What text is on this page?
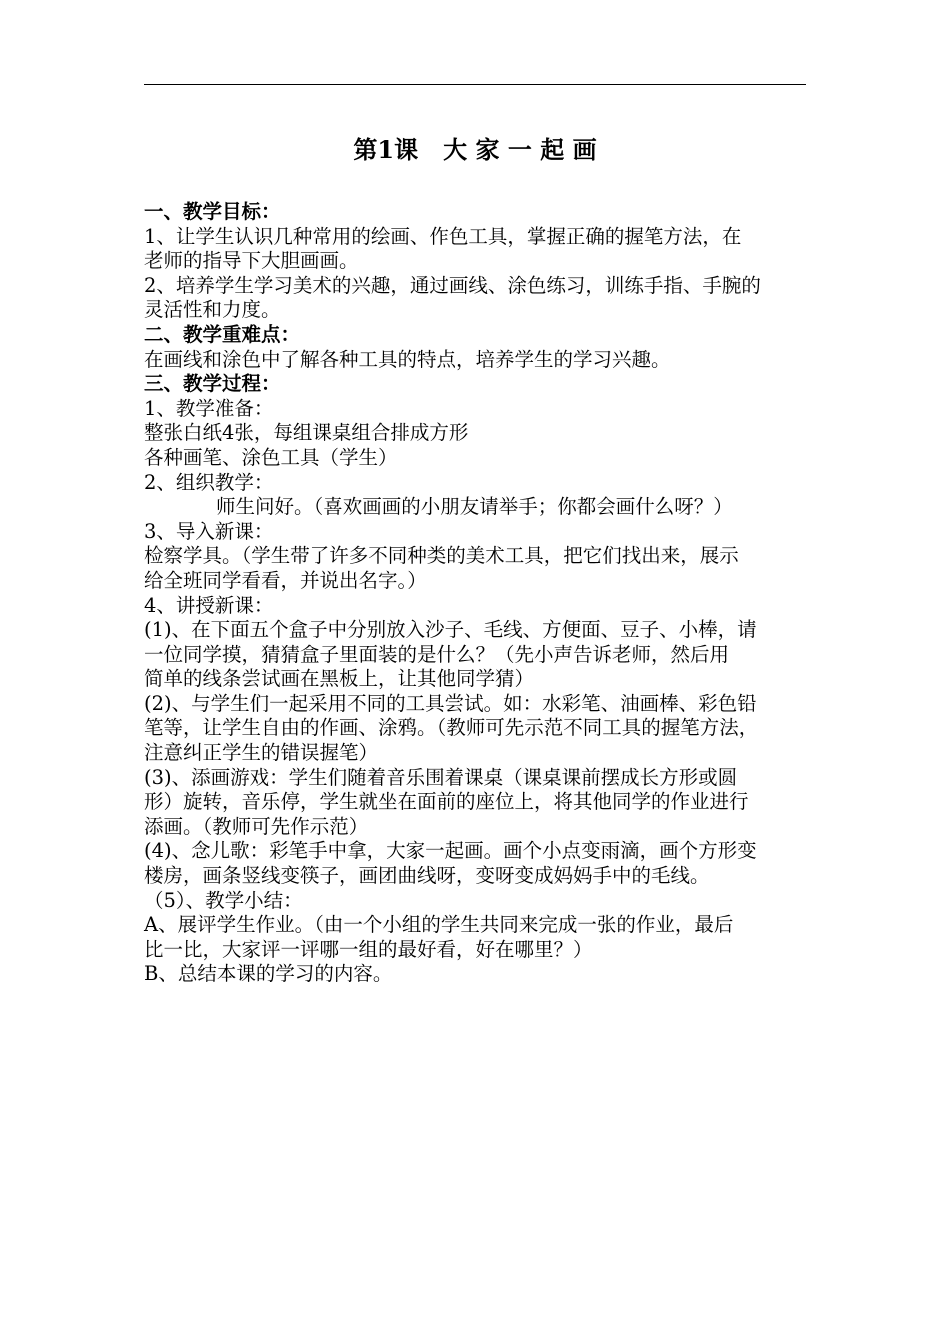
第1课   大 家 一 起 画
一、教学目标：
1、让学生认识几种常用的绘画、作色工具，掌握正确的握笔方法，在
老师的指导下大胆画画。
2、培养学生学习美术的兴趣，通过画线、涂色练习，训练手指、手腕的
灵活性和力度。
二、教学重难点：
在画线和涂色中了解各种工具的特点，培养学生的学习兴趣。
三、教学过程：
1、教学准备：
整张白纸4张，每组课桌组合排成方形
各种画笔、涂色工具（学生）
2、组织教学：
师生问好。（喜欢画画的小朋友请举手；你都会画什么呀？）
3、导入新课：
检察学具。（学生带了许多不同种类的美术工具，把它们找出来，展示
给全班同学看看，并说出名字。）
4、讲授新课：
(1)、在下面五个盒子中分别放入沙子、毛线、方便面、豆子、小棒，请
一位同学摸，猜猜盒子里面装的是什么？（先小声告诉老师，然后用
简单的线条尝试画在黑板上，让其他同学猜）
(2)、与学生们一起采用不同的工具尝试。如：水彩笔、油画棒、彩色铅
笔等，让学生自由的作画、涂鸦。（教师可先示范不同工具的握笔方法，
注意纠正学生的错误握笔）
(3)、添画游戏：学生们随着音乐围着课桌（课桌课前摆成长方形或圆
形）旋转，音乐停，学生就坐在面前的座位上，将其他同学的作业进行
添画。（教师可先作示范）
(4)、念儿歌：彩笔手中拿，大家一起画。画个小点变雨滴，画个方形变
楼房，画条竖线变筷子，画团曲线呀，变呀变成妈妈手中的毛线。
（5）、教学小结：
A、展评学生作业。（由一个小组的学生共同来完成一张的作业，最后
比一比，大家评一评哪一组的最好看，好在哪里？）
B、总结本课的学习的内容。
